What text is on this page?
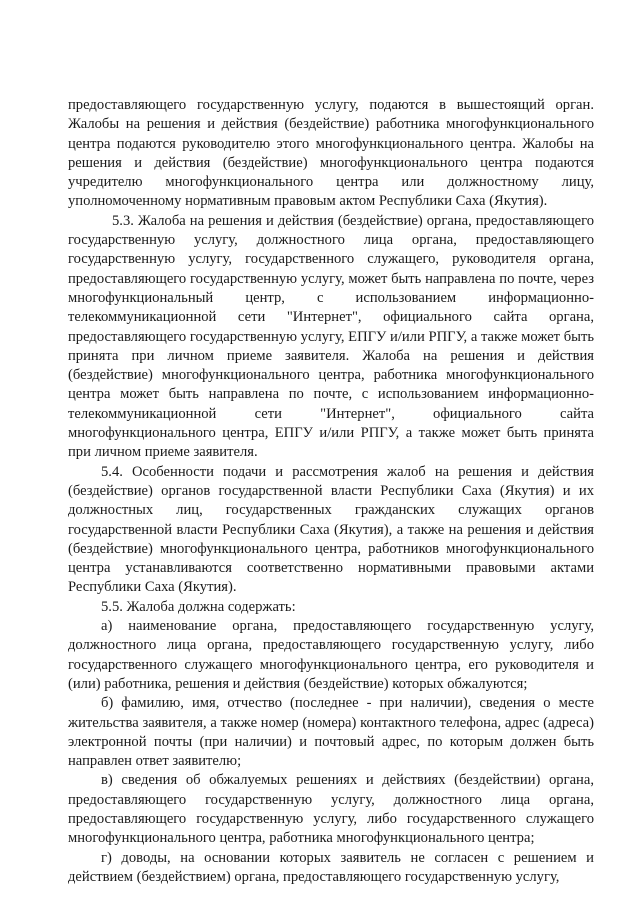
предоставляющего государственную услугу, подаются в вышестоящий орган. Жалобы на решения и действия (бездействие) работника многофункционального центра подаются руководителю этого многофункционального центра. Жалобы на решения и действия (бездействие) многофункционального центра подаются учредителю многофункционального центра или должностному лицу, уполномоченному нормативным правовым актом Республики Саха (Якутия).

5.3. Жалоба на решения и действия (бездействие) органа, предоставляющего государственную услугу, должностного лица органа, предоставляющего государственную услугу, государственного служащего, руководителя органа, предоставляющего государственную услугу, может быть направлена по почте, через многофункциональный центр, с использованием информационно-телекоммуникационной сети "Интернет", официального сайта органа, предоставляющего государственную услугу, ЕПГУ и/или РПГУ, а также может быть принята при личном приеме заявителя. Жалоба на решения и действия (бездействие) многофункционального центра, работника многофункционального центра может быть направлена по почте, с использованием информационно-телекоммуникационной сети "Интернет", официального сайта многофункционального центра, ЕПГУ и/или РПГУ, а также может быть принята при личном приеме заявителя.

5.4. Особенности подачи и рассмотрения жалоб на решения и действия (бездействие) органов государственной власти Республики Саха (Якутия) и их должностных лиц, государственных гражданских служащих органов государственной власти Республики Саха (Якутия), а также на решения и действия (бездействие) многофункционального центра, работников многофункционального центра устанавливаются соответственно нормативными правовыми актами Республики Саха (Якутия).

5.5. Жалоба должна содержать:

а) наименование органа, предоставляющего государственную услугу, должностного лица органа, предоставляющего государственную услугу, либо государственного служащего многофункционального центра, его руководителя и (или) работника, решения и действия (бездействие) которых обжалуются;

б) фамилию, имя, отчество (последнее - при наличии), сведения о месте жительства заявителя, а также номер (номера) контактного телефона, адрес (адреса) электронной почты (при наличии) и почтовый адрес, по которым должен быть направлен ответ заявителю;

в) сведения об обжалуемых решениях и действиях (бездействии) органа, предоставляющего государственную услугу, должностного лица органа, предоставляющего государственную услугу, либо государственного служащего многофункционального центра, работника многофункционального центра;

г) доводы, на основании которых заявитель не согласен с решением и действием (бездействием) органа, предоставляющего государственную услугу,
